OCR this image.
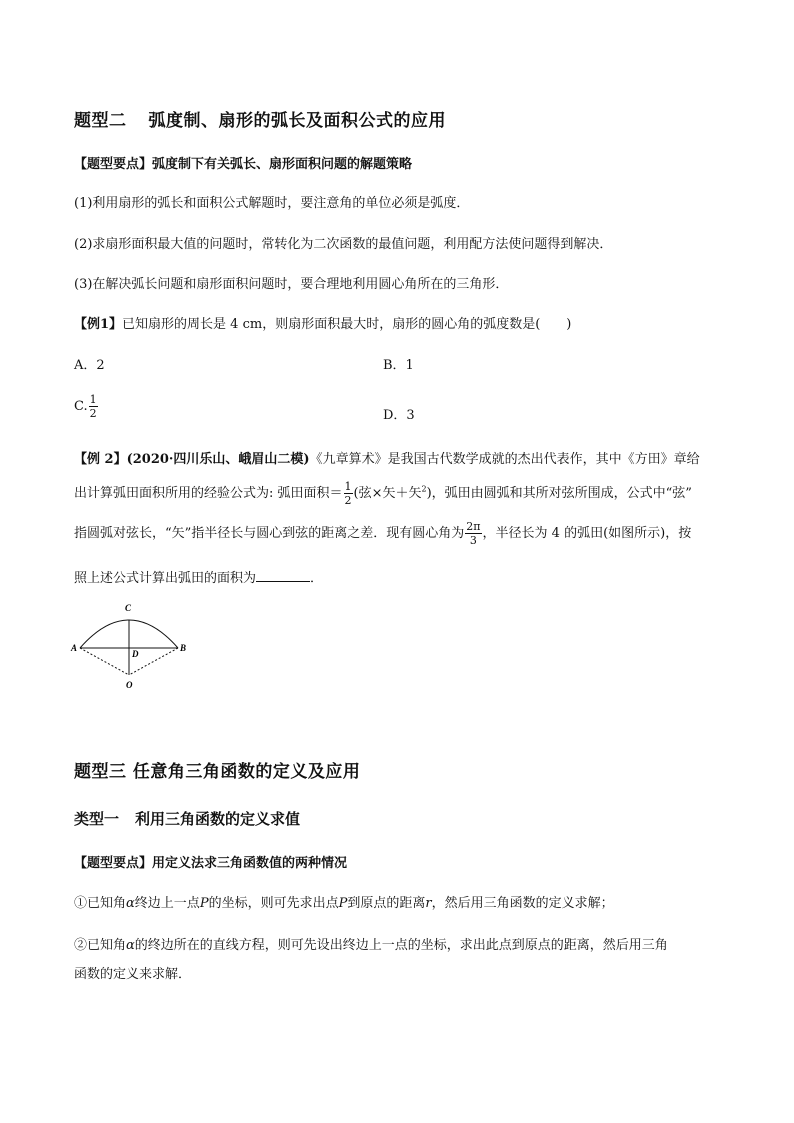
题型二 弧度制、扇形的弧长及面积公式的应用
【题型要点】弧度制下有关弧长、扇形面积问题的解题策略
(1)利用扇形的弧长和面积公式解题时，要注意角的单位必须是弧度．
(2)求扇形面积最大值的问题时，常转化为二次函数的最值问题，利用配方法使问题得到解决．
(3)在解决弧长问题和扇形面积问题时，要合理地利用圆心角所在的三角形．
【例1】已知扇形的周长是 4 cm，则扇形面积最大时，扇形的圆心角的弧度数是(　　)
A．2	B．1
C. $\frac{1}{2}$	D．3
【例 2】(2020·四川乐山、峨眉山二模)《九章算术》是我国古代数学成就的杰出代表作，其中《方田》章给
出计算弧田面积所用的经验公式为: 弧田面积＝ $\frac{1}{2}$ (弦×矢＋矢$^2$)，弧田由圆弧和其所对弦所围成，公式中“弦”
指圆弧对弦长，“矢”指半径长与圆心到弦的距离之差．现有圆心角为 $\frac{2\pi}{3}$ ，半径长为 4 的弧田(如图所示)，按
照上述公式计算出弧田的面积为	．
C
A	B
D
O
题型三 任意角三角函数的定义及应用
类型一 利用三角函数的定义求值
【题型要点】用定义法求三角函数值的两种情况
①已知角α终边上一点P的坐标，则可先求出点P到原点的距离r，然后用三角函数的定义求解；
②已知角α的终边所在的直线方程，则可先设出终边上一点的坐标，求出此点到原点的距离，然后用三角
函数的定义来求解．
